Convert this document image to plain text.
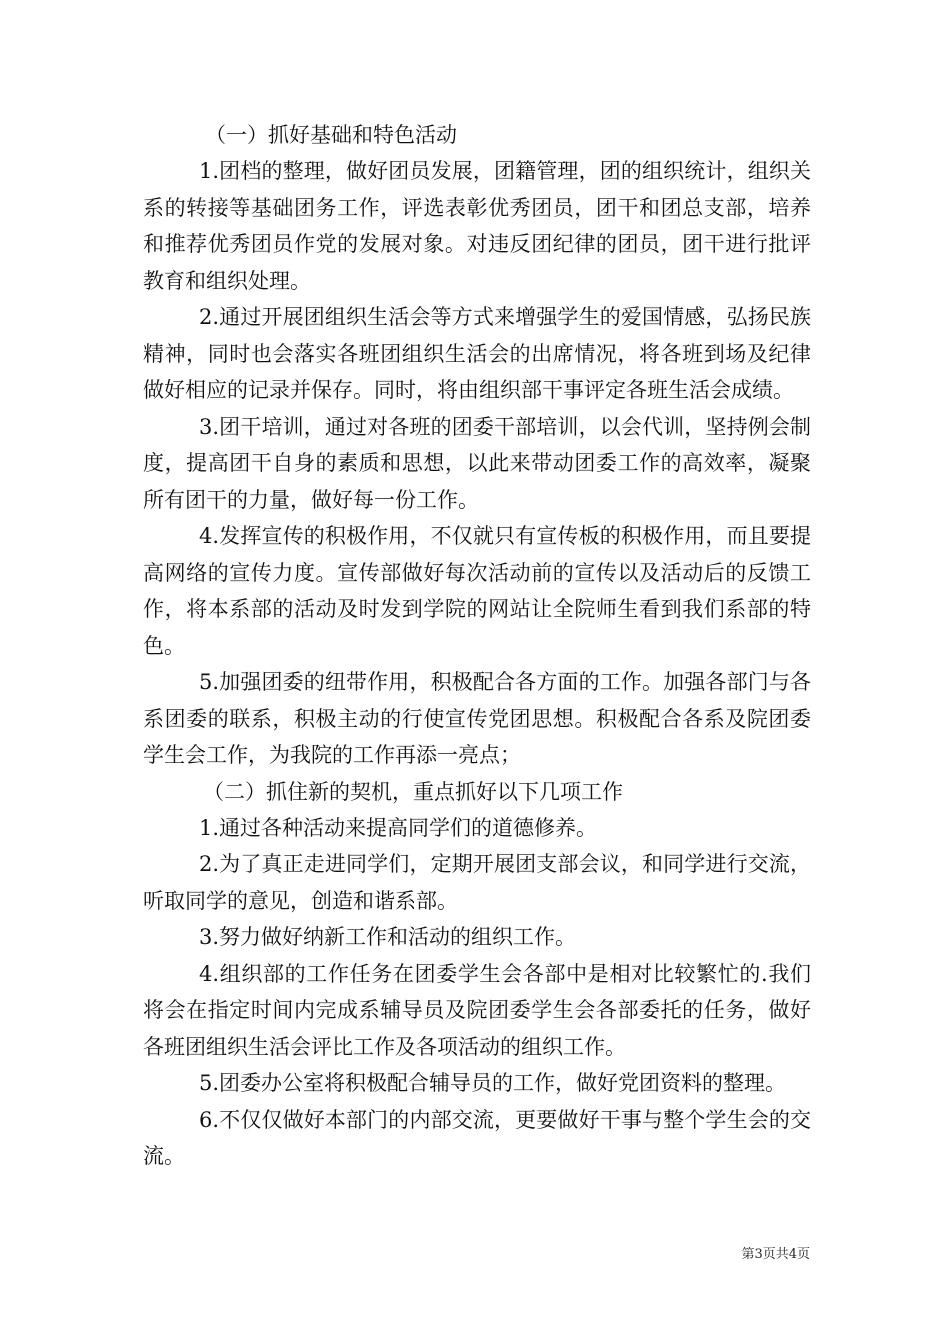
（一）抓好基础和特色活动

1.团档的整理，做好团员发展，团籍管理，团的组织统计，组织关系的转接等基础团务工作，评选表彰优秀团员，团干和团总支部，培养和推荐优秀团员作党的发展对象。对违反团纪律的团员，团干进行批评教育和组织处理。

2.通过开展团组织生活会等方式来增强学生的爱国情感，弘扬民族精神，同时也会落实各班团组织生活会的出席情况，将各班到场及纪律做好相应的记录并保存。同时，将由组织部干事评定各班生活会成绩。

3.团干培训，通过对各班的团委干部培训，以会代训，坚持例会制度，提高团干自身的素质和思想，以此来带动团委工作的高效率，凝聚所有团干的力量，做好每一份工作。

4.发挥宣传的积极作用，不仅就只有宣传板的积极作用，而且要提高网络的宣传力度。宣传部做好每次活动前的宣传以及活动后的反馈工作，将本系部的活动及时发到学院的网站让全院师生看到我们系部的特色。

5.加强团委的纽带作用，积极配合各方面的工作。加强各部门与各系团委的联系，积极主动的行使宣传党团思想。积极配合各系及院团委学生会工作，为我院的工作再添一亮点；

（二）抓住新的契机，重点抓好以下几项工作

1.通过各种活动来提高同学们的道德修养。

2.为了真正走进同学们，定期开展团支部会议，和同学进行交流，听取同学的意见，创造和谐系部。

3.努力做好纳新工作和活动的组织工作。

4.组织部的工作任务在团委学生会各部中是相对比较繁忙的.我们将会在指定时间内完成系辅导员及院团委学生会各部委托的任务，做好各班团组织生活会评比工作及各项活动的组织工作。

5.团委办公室将积极配合辅导员的工作，做好党团资料的整理。

6.不仅仅做好本部门的内部交流，更要做好干事与整个学生会的交流。

第3页共4页
